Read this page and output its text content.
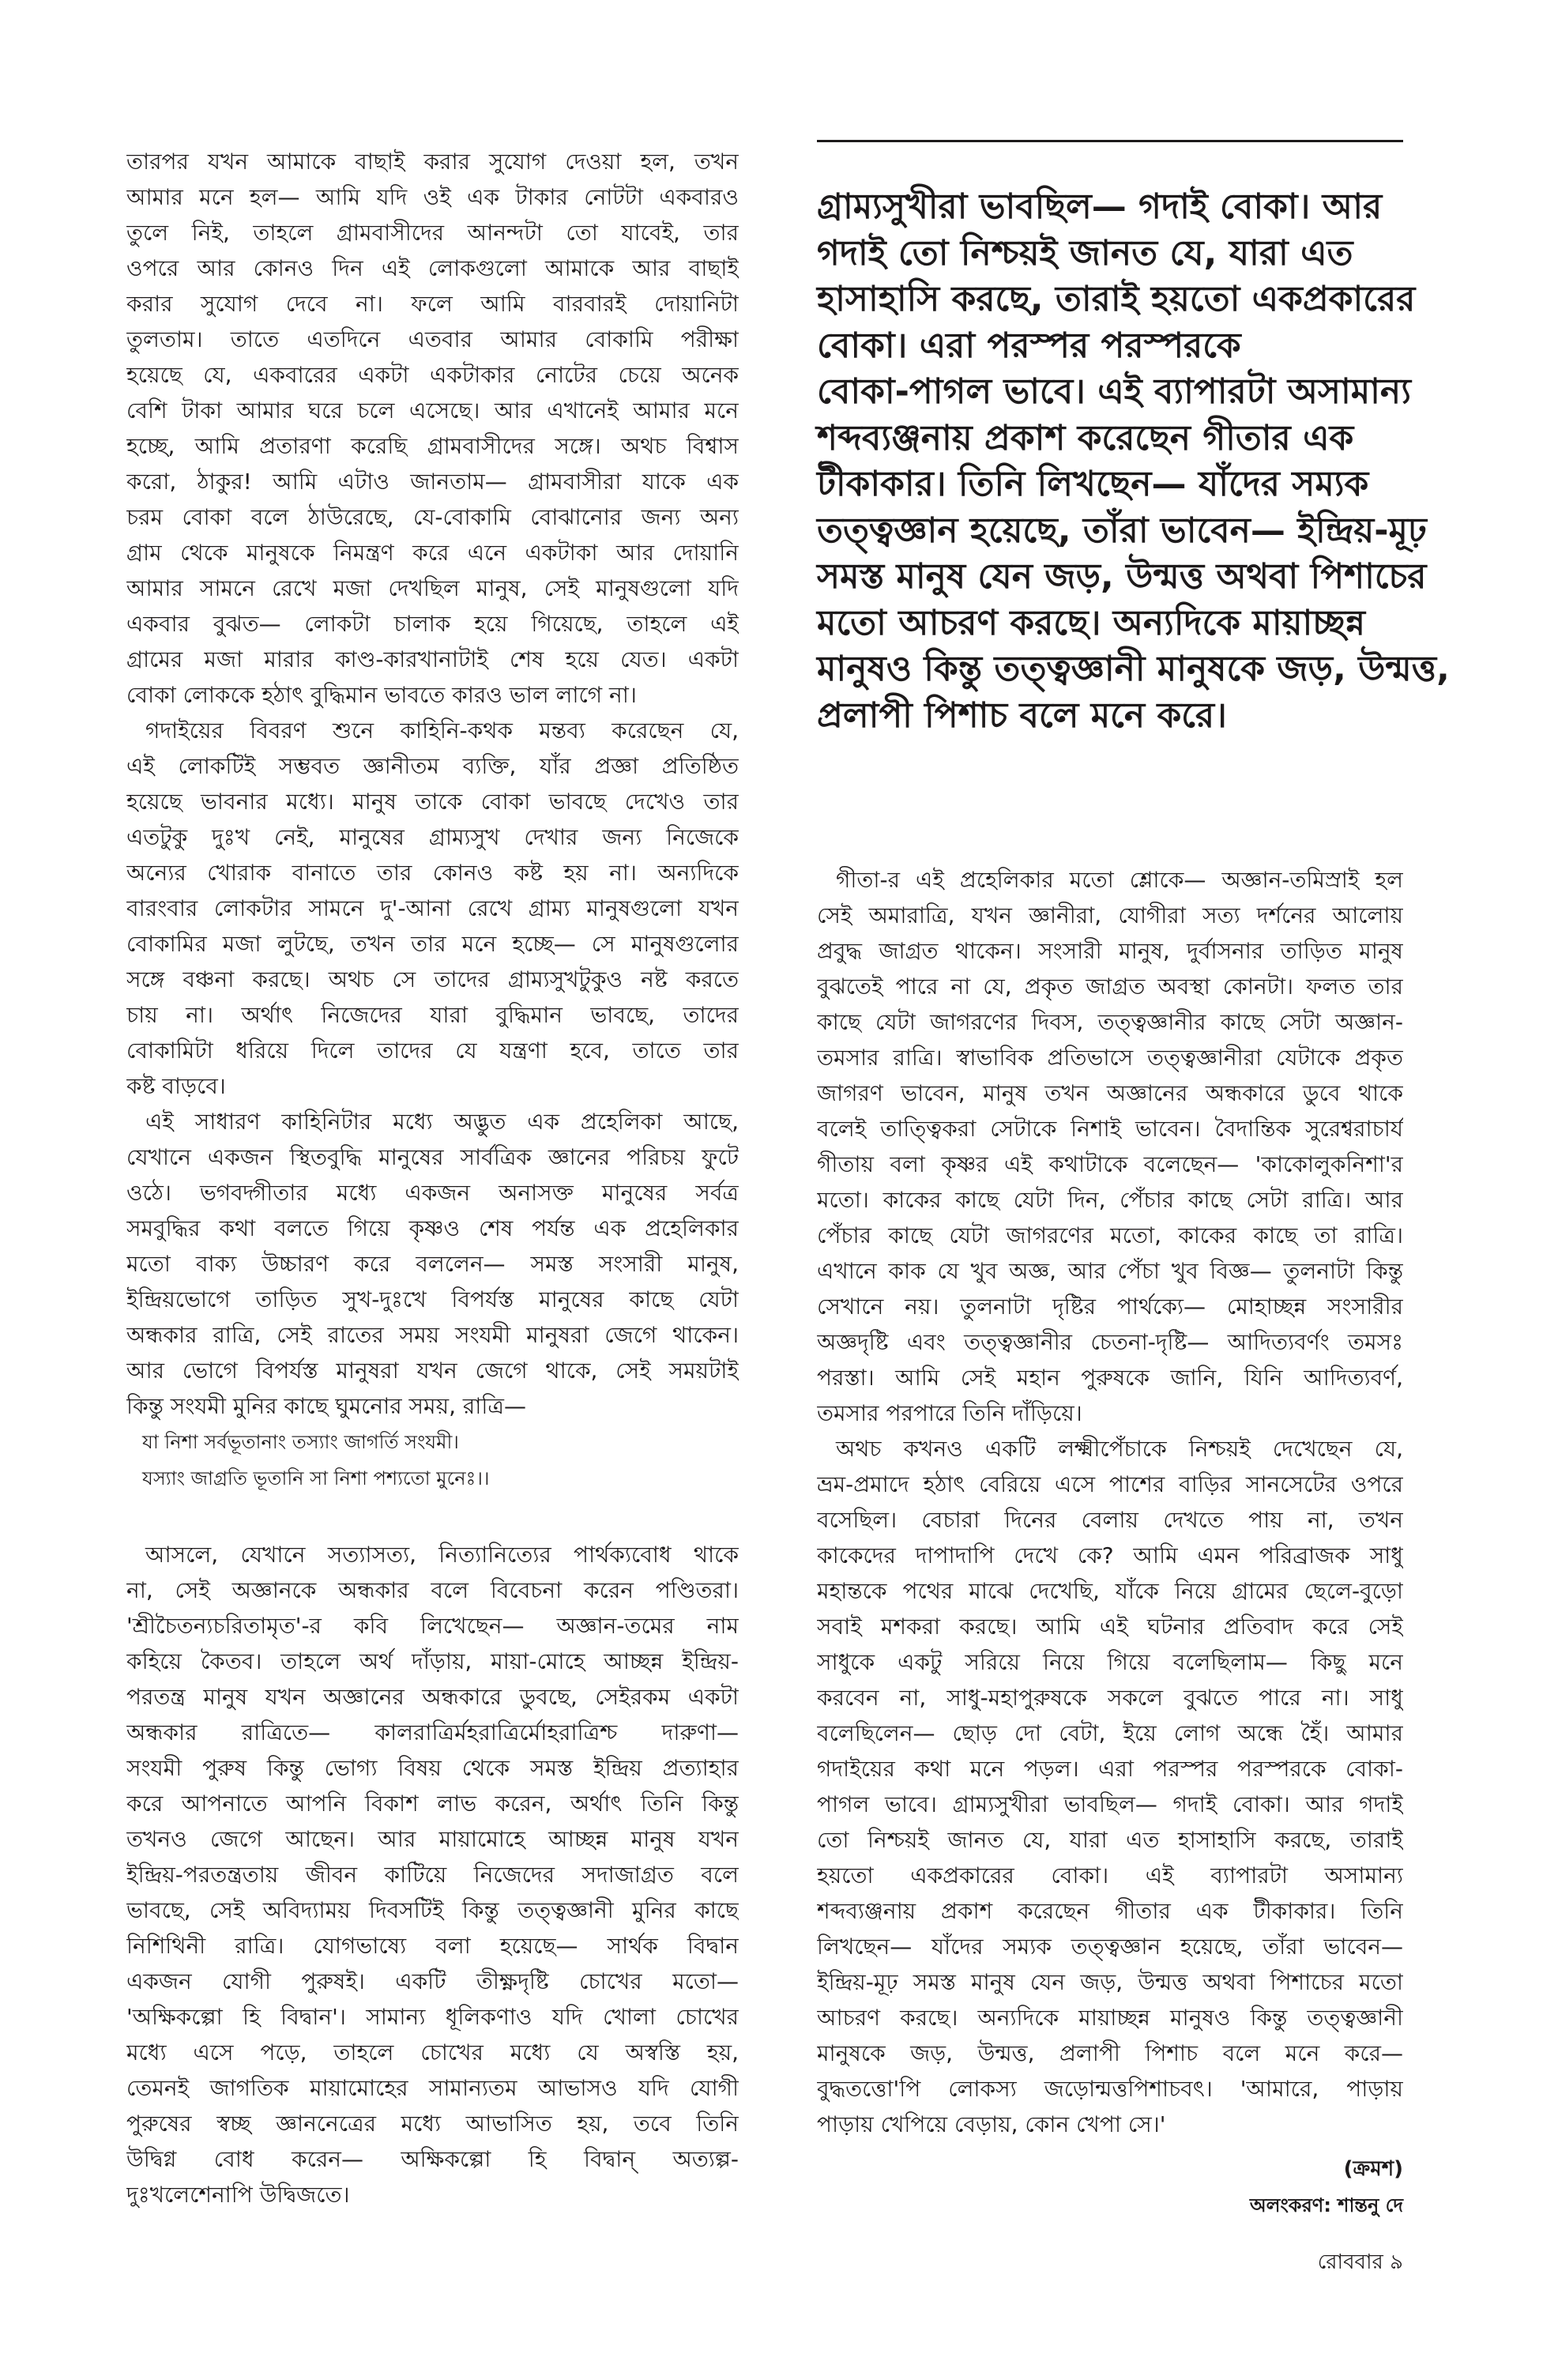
তারপর যখন আমাকে বাছাই করার সুযোগ দেওয়া হল, তখন
আমার মনে হল— আমি যদি ওই এক টাকার নোটটা একবারও
তুলে নিই, তাহলে গ্রামবাসীদের আনন্দটা তো যাবেই, তার
ওপরে আর কোনও দিন এই লোকগুলো আমাকে আর বাছাই
করার সুযোগ দেবে না। ফলে আমি বারবারই দোয়ানিটা
তুলতাম। তাতে এতদিনে এতবার আমার বোকামি পরীক্ষা
হয়েছে যে, একবারের একটা একটাকার নোটের চেয়ে অনেক
বেশি টাকা আমার ঘরে চলে এসেছে। আর এখানেই আমার মনে
হচ্ছে, আমি প্রতারণা করেছি গ্রামবাসীদের সঙ্গে। অথচ বিশ্বাস
করো, ঠাকুর! আমি এটাও জানতাম— গ্রামবাসীরা যাকে এক
চরম বোকা বলে ঠাউরেছে, যে-বোকামি বোঝানোর জন্য অন্য
গ্রাম থেকে মানুষকে নিমন্ত্রণ করে এনে একটাকা আর দোয়ানি
আমার সামনে রেখে মজা দেখছিল মানুষ, সেই মানুষগুলো যদি
একবার বুঝত— লোকটা চালাক হয়ে গিয়েছে, তাহলে এই
গ্রামের মজা মারার কাণ্ড-কারখানাটাই শেষ হয়ে যেত। একটা
বোকা লোককে হঠাৎ বুদ্ধিমান ভাবতে কারও ভাল লাগে না।
গদাইয়ের বিবরণ শুনে কাহিনি-কথক মন্তব্য করেছেন যে,
এই লোকটিই সম্ভবত জ্ঞানীতম ব্যক্তি, যাঁর প্রজ্ঞা প্রতিষ্ঠিত
হয়েছে ভাবনার মধ্যে। মানুষ তাকে বোকা ভাবছে দেখেও তার
এতটুকু দুঃখ নেই, মানুষের গ্রাম্যসুখ দেখার জন্য নিজেকে
অন্যের খোরাক বানাতে তার কোনও কষ্ট হয় না। অন্যদিকে
বারংবার লোকটার সামনে দু'-আনা রেখে গ্রাম্য মানুষগুলো যখন
বোকামির মজা লুটছে, তখন তার মনে হচ্ছে— সে মানুষগুলোর
সঙ্গে বঞ্চনা করছে। অথচ সে তাদের গ্রাম্যসুখটুকুও নষ্ট করতে
চায় না। অর্থাৎ নিজেদের যারা বুদ্ধিমান ভাবছে, তাদের
বোকামিটা ধরিয়ে দিলে তাদের যে যন্ত্রণা হবে, তাতে তার
কষ্ট বাড়বে।
এই সাধারণ কাহিনিটার মধ্যে অদ্ভুত এক প্রহেলিকা আছে,
যেখানে একজন স্থিতবুদ্ধি মানুষের সার্বত্রিক জ্ঞানের পরিচয় ফুটে
ওঠে। ভগবদ্গীতার মধ্যে একজন অনাসক্ত মানুষের সর্বত্র
সমবুদ্ধির কথা বলতে গিয়ে কৃষ্ণও শেষ পর্যন্ত এক প্রহেলিকার
মতো বাক্য উচ্চারণ করে বললেন— সমস্ত সংসারী মানুষ,
ইন্দ্রিয়ভোগে তাড়িত সুখ-দুঃখে বিপর্যস্ত মানুষের কাছে যেটা
অন্ধকার রাত্রি, সেই রাতের সময় সংযমী মানুষরা জেগে থাকেন।
আর ভোগে বিপর্যস্ত মানুষরা যখন জেগে থাকে, সেই সময়টাই
কিন্তু সংযমী মুনির কাছে ঘুমনোর সময়, রাত্রি—
যা নিশা সর্বভূতানাং তস্যাং জাগর্তি সংযমী।
যস্যাং জাগ্রতি ভূতানি সা নিশা পশ্যতো মুনেঃ।।
আসলে, যেখানে সত্যাসত্য, নিত্যানিত্যের পার্থক্যবোধ থাকে
না, সেই অজ্ঞানকে অন্ধকার বলে বিবেচনা করেন পণ্ডিতরা।
'শ্রীচৈতন্যচরিতামৃত'-র কবি লিখেছেন— অজ্ঞান-তমের নাম
কহিয়ে কৈতব। তাহলে অর্থ দাঁড়ায়, মায়া-মোহে আচ্ছন্ন ইন্দ্রিয়-
পরতন্ত্র মানুষ যখন অজ্ঞানের অন্ধকারে ডুবছে, সেইরকম একটা
অন্ধকার রাত্রিতে— কালরাত্রির্মহরাত্রির্মোহরাত্রিশ্চ দারুণা—
সংযমী পুরুষ কিন্তু ভোগ্য বিষয় থেকে সমস্ত ইন্দ্রিয় প্রত্যাহার
করে আপনাতে আপনি বিকাশ লাভ করেন, অর্থাৎ তিনি কিন্তু
তখনও জেগে আছেন। আর মায়ামোহে আচ্ছন্ন মানুষ যখন
ইন্দ্রিয়-পরতন্ত্রতায় জীবন কাটিয়ে নিজেদের সদাজাগ্রত বলে
ভাবছে, সেই অবিদ্যাময় দিবসটিই কিন্তু তত্ত্বজ্ঞানী মুনির কাছে
নিশিথিনী রাত্রি। যোগভাষ্যে বলা হয়েছে— সার্থক বিদ্বান
একজন যোগী পুরুষই। একটি তীক্ষ্ণদৃষ্টি চোখের মতো—
'অক্ষিকল্পো হি বিদ্বান'। সামান্য ধূলিকণাও যদি খোলা চোখের
মধ্যে এসে পড়ে, তাহলে চোখের মধ্যে যে অস্বস্তি হয়,
তেমনই জাগতিক মায়ামোহের সামান্যতম আভাসও যদি যোগী
পুরুষের স্বচ্ছ জ্ঞাননেত্রের মধ্যে আভাসিত হয়, তবে তিনি
উদ্বিগ্ন বোধ করেন— অক্ষিকল্পো হি বিদ্বান্ অত্যল্প-
দুঃখলেশেনাপি উদ্বিজতে।
গ্রাম্যসুখীরা ভাবছিল— গদাই বোকা। আর
গদাই তো নিশ্চয়ই জানত যে, যারা এত
হাসাহাসি করছে, তারাই হয়তো একপ্রকারের
বোকা। এরা পরস্পর পরস্পরকে
বোকা-পাগল ভাবে। এই ব্যাপারটা অসামান্য
শব্দব্যঞ্জনায় প্রকাশ করেছেন গীতার এক
টীকাকার। তিনি লিখছেন— যাঁদের সম্যক
তত্ত্বজ্ঞান হয়েছে, তাঁরা ভাবেন— ইন্দ্রিয়-মূঢ়
সমস্ত মানুষ যেন জড়, উন্মত্ত অথবা পিশাচের
মতো আচরণ করছে। অন্যদিকে মায়াচ্ছন্ন
মানুষও কিন্তু তত্ত্বজ্ঞানী মানুষকে জড়, উন্মত্ত,
প্রলাপী পিশাচ বলে মনে করে।
গীতা-র এই প্রহেলিকার মতো শ্লোকে— অজ্ঞান-তমিস্রাই হল
সেই অমারাত্রি, যখন জ্ঞানীরা, যোগীরা সত্য দর্শনের আলোয়
প্রবুদ্ধ জাগ্রত থাকেন। সংসারী মানুষ, দুর্বাসনার তাড়িত মানুষ
বুঝতেই পারে না যে, প্রকৃত জাগ্রত অবস্থা কোনটা। ফলত তার
কাছে যেটা জাগরণের দিবস, তত্ত্বজ্ঞানীর কাছে সেটা অজ্ঞান-
তমসার রাত্রি। স্বাভাবিক প্রতিভাসে তত্ত্বজ্ঞানীরা যেটাকে প্রকৃত
জাগরণ ভাবেন, মানুষ তখন অজ্ঞানের অন্ধকারে ডুবে থাকে
বলেই তাত্ত্বিকরা সেটাকে নিশাই ভাবেন। বৈদান্তিক সুরেশ্বরাচার্য
গীতায় বলা কৃষ্ণর এই কথাটাকে বলেছেন— 'কাকোলুকনিশা'র
মতো। কাকের কাছে যেটা দিন, পেঁচার কাছে সেটা রাত্রি। আর
পেঁচার কাছে যেটা জাগরণের মতো, কাকের কাছে তা রাত্রি।
এখানে কাক যে খুব অজ্ঞ, আর পেঁচা খুব বিজ্ঞ— তুলনাটা কিন্তু
সেখানে নয়। তুলনাটা দৃষ্টির পার্থক্যে— মোহাচ্ছন্ন সংসারীর
অজ্ঞদৃষ্টি এবং তত্ত্বজ্ঞানীর চেতনা-দৃষ্টি— আদিত্যবর্ণং তমসঃ
পরস্তা। আমি সেই মহান পুরুষকে জানি, যিনি আদিত্যবর্ণ,
তমসার পরপারে তিনি দাঁড়িয়ে।
অথচ কখনও একটি লক্ষ্মীপেঁচাকে নিশ্চয়ই দেখেছেন যে,
ভ্রম-প্রমাদে হঠাৎ বেরিয়ে এসে পাশের বাড়ির সানসেটের ওপরে
বসেছিল। বেচারা দিনের বেলায় দেখতে পায় না, তখন
কাকেদের দাপাদাপি দেখে কে? আমি এমন পরিব্রাজক সাধু
মহান্তকে পথের মাঝে দেখেছি, যাঁকে নিয়ে গ্রামের ছেলে-বুড়ো
সবাই মশকরা করছে। আমি এই ঘটনার প্রতিবাদ করে সেই
সাধুকে একটু সরিয়ে নিয়ে গিয়ে বলেছিলাম— কিছু মনে
করবেন না, সাধু-মহাপুরুষকে সকলে বুঝতে পারে না। সাধু
বলেছিলেন— ছোড় দো বেটা, ইয়ে লোগ অন্ধে হৈঁ। আমার
গদাইয়ের কথা মনে পড়ল। এরা পরস্পর পরস্পরকে বোকা-
পাগল ভাবে। গ্রাম্যসুখীরা ভাবছিল— গদাই বোকা। আর গদাই
তো নিশ্চয়ই জানত যে, যারা এত হাসাহাসি করছে, তারাই
হয়তো একপ্রকারের বোকা। এই ব্যাপারটা অসামান্য
শব্দব্যঞ্জনায় প্রকাশ করেছেন গীতার এক টীকাকার। তিনি
লিখছেন— যাঁদের সম্যক তত্ত্বজ্ঞান হয়েছে, তাঁরা ভাবেন—
ইন্দ্রিয়-মূঢ় সমস্ত মানুষ যেন জড়, উন্মত্ত অথবা পিশাচের মতো
আচরণ করছে। অন্যদিকে মায়াচ্ছন্ন মানুষও কিন্তু তত্ত্বজ্ঞানী
মানুষকে জড়, উন্মত্ত, প্রলাপী পিশাচ বলে মনে করে—
বুদ্ধতত্তো'পি লোকস্য জড়োন্মত্তপিশাচবৎ। 'আমারে, পাড়ায়
পাড়ায় খেপিয়ে বেড়ায়, কোন খেপা সে।'
(ক্রমশ)
অলংকরণ: শান্তনু দে
রোববার ৯
